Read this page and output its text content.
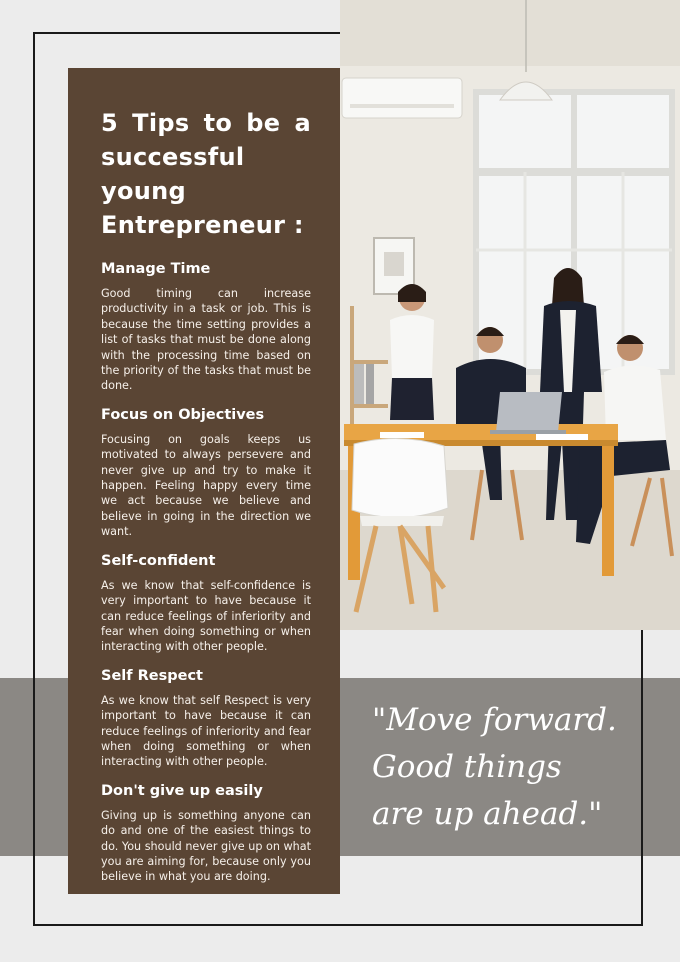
5 Tips to be a successful young Entrepreneur :
Manage Time

Good timing can increase productivity in a task or job. This is because the time setting provides a list of tasks that must be done along with the processing time based on the priority of the tasks that must be done.

Focus on Objectives

Focusing on goals keeps us motivated to always persevere and never give up and try to make it happen. Feeling happy every time we act because we believe and believe in going in the direction we want.

Self-confident

As we know that self-confidence is very important to have because it can reduce feelings of inferiority and fear when doing something or when interacting with other people.

Self Respect

As we know that self Respect is very important to have because it can reduce feelings of inferiority and fear when doing something or when interacting with other people.

Don't give up easily

Giving up is something anyone can do and one of the easiest things to do. You should never give up on what you are aiming for, because only you believe in what you are doing.

"Move forward. Good things are up ahead."
